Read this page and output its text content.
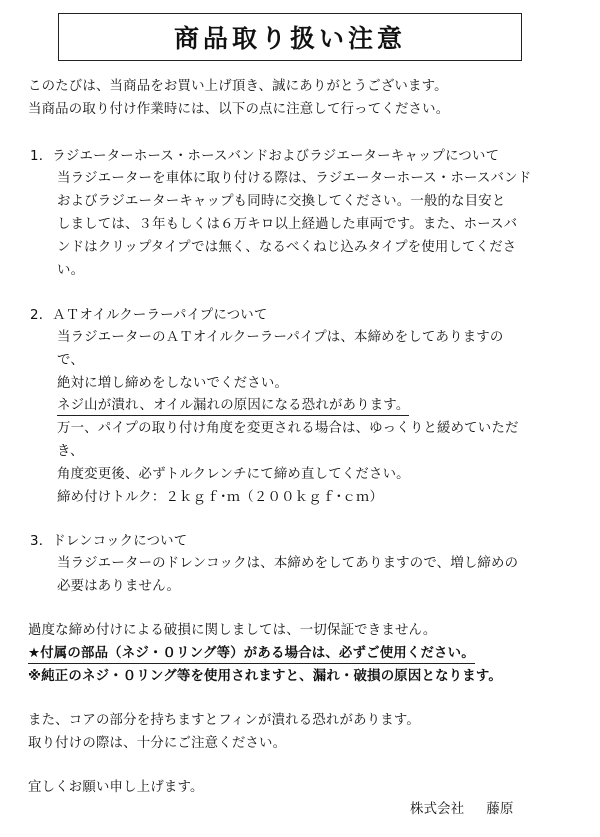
商品取り扱い注意
このたびは、当商品をお買い上げ頂き、誠にありがとうございます。
当商品の取り付け作業時には、以下の点に注意して行ってください。
1．ラジエーターホース・ホースバンドおよびラジエーターキャップについて
当ラジエーターを車体に取り付ける際は、ラジエーターホース・ホースバンド
およびラジエーターキャップも同時に交換してください。一般的な目安と
しましては、３年もしくは６万キロ以上経過した車両です。また、ホースバ
ンドはクリップタイプでは無く、なるべくねじ込みタイプを使用してくださ
い。
2．ＡＴオイルクーラーパイプについて
当ラジエーターのＡＴオイルクーラーパイプは、本締めをしてありますの
で、
絶対に増し締めをしないでください。
ネジ山が潰れ、オイル漏れの原因になる恐れがあります。
万一、パイプの取り付け角度を変更される場合は、ゆっくりと緩めていただ
き、
角度変更後、必ずトルクレンチにて締め直してください。
締め付けトルク：２ｋｇｆ･ｍ（２００ｋｇｆ･ｃｍ）
3．ドレンコックについて
当ラジエーターのドレンコックは、本締めをしてありますので、増し締めの
必要はありません。
過度な締め付けによる破損に関しましては、一切保証できません。
★付属の部品（ネジ・０リング等）がある場合は、必ずご使用ください。
※純正のネジ・０リング等を使用されますと、漏れ・破損の原因となります。
また、コアの部分を持ちますとフィンが潰れる恐れがあります。
取り付けの際は、十分にご注意ください。
宜しくお願い申し上げます。
株式会社 藤原
